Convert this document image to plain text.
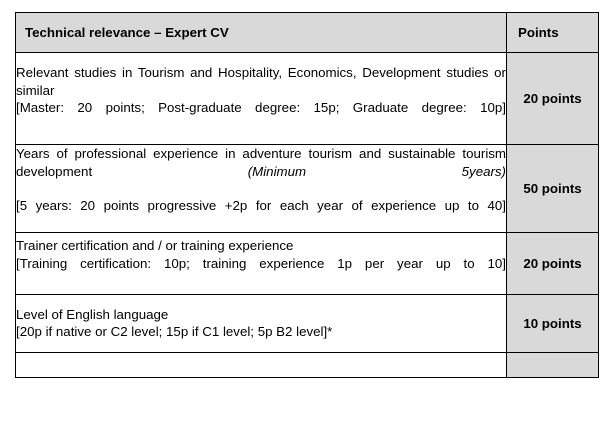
Technical relevance – Expert CV	Points

Relevant studies in Tourism and Hospitality, Economics, Development studies or similar
[Master: 20 points; Post-graduate degree: 15p; Graduate degree: 10p]	20 points

Years of professional experience in adventure tourism and sustainable tourism development (Minimum 5years)
[5 years: 20 points progressive +2p for each year of experience up to 40]	50 points

Trainer certification and / or training experience
[Training certification: 10p; training experience 1p per year up to 10]	20 points

Level of English language
[20p if native or C2 level; 15p if C1 level; 5p B2 level]*	10 points
